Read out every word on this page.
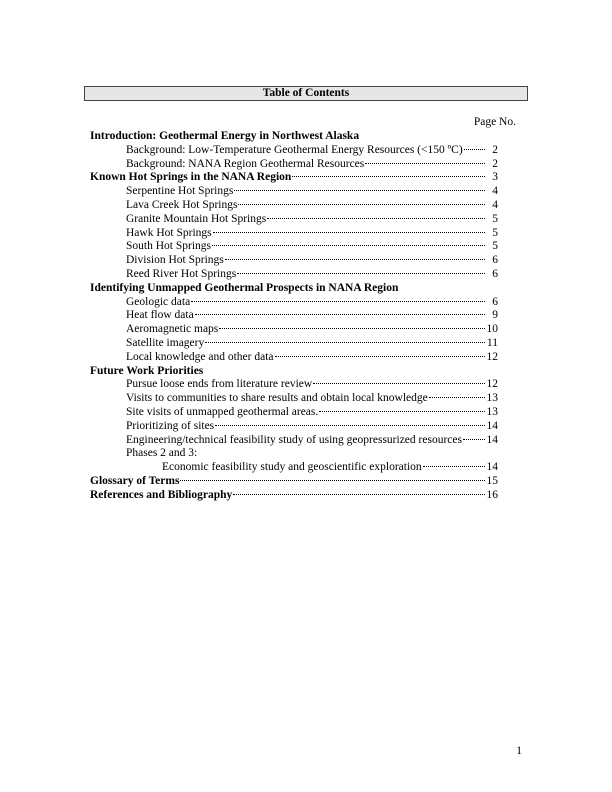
Table of Contents
Page No.
Introduction: Geothermal Energy in Northwest Alaska
Background: Low-Temperature Geothermal Energy Resources (<150 ºC)	2
Background: NANA Region Geothermal Resources	2
Known Hot Springs in the NANA Region	3
Serpentine Hot Springs	4
Lava Creek Hot Springs	4
Granite Mountain Hot Springs	5
Hawk Hot Springs	5
South Hot Springs	5
Division Hot Springs	6
Reed River Hot Springs	6
Identifying Unmapped Geothermal Prospects in NANA Region
Geologic data	6
Heat flow data	9
Aeromagnetic maps	10
Satellite imagery	11
Local knowledge and other data	12
Future Work Priorities
Pursue loose ends from literature review	12
Visits to communities to share results and obtain local knowledge	13
Site visits of unmapped geothermal areas.	13
Prioritizing of sites	14
Engineering/technical feasibility study of using geopressurized resources 14
Phases 2 and 3:
Economic feasibility study and geoscientific exploration	14
Glossary of Terms	15
References and Bibliography	16
1
